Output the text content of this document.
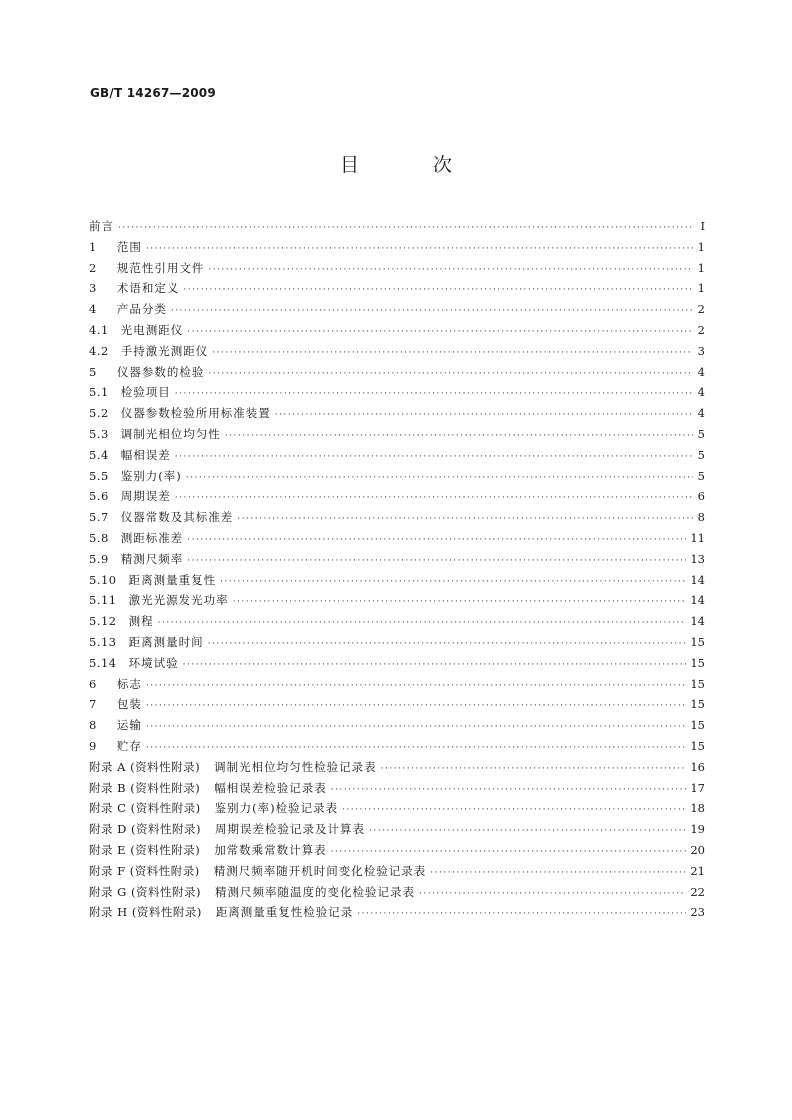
GB/T 14267—2009
目 次
前言 ·····	Ⅰ
1 范围 ·····	1
2 规范性引用文件 ·····	1
3 术语和定义 ·····	1
4 产品分类 ·····	2
4.1 光电测距仪 ·····	2
4.2 手持激光测距仪 ·····	3
5 仪器参数的检验 ·····	4
5.1 检验项目 ·····	4
5.2 仪器参数检验所用标准装置 ·····	4
5.3 调制光相位均匀性 ·····	5
5.4 幅相误差 ·····	5
5.5 鉴别力(率) ·····	5
5.6 周期误差 ·····	6
5.7 仪器常数及其标准差 ·····	8
5.8 测距标准差 ·····	11
5.9 精测尺频率 ·····	13
5.10 距离测量重复性 ·····	14
5.11 激光光源发光功率 ·····	14
5.12 测程 ·····	14
5.13 距离测量时间 ·····	15
5.14 环境试验 ·····	15
6 标志 ·····	15
7 包装 ·····	15
8 运输 ·····	15
9 贮存 ·····	15
附录 A (资料性附录) 调制光相位均匀性检验记录表 ·····	16
附录 B (资料性附录) 幅相误差检验记录表 ·····	17
附录 C (资料性附录) 鉴别力(率)检验记录表 ·····	18
附录 D (资料性附录) 周期误差检验记录及计算表 ·····	19
附录 E (资料性附录) 加常数乘常数计算表 ·····	20
附录 F (资料性附录) 精测尺频率随开机时间变化检验记录表 ·····	21
附录 G (资料性附录) 精测尺频率随温度的变化检验记录表 ·····	22
附录 H (资料性附录) 距离测量重复性检验记录 ·····	23
